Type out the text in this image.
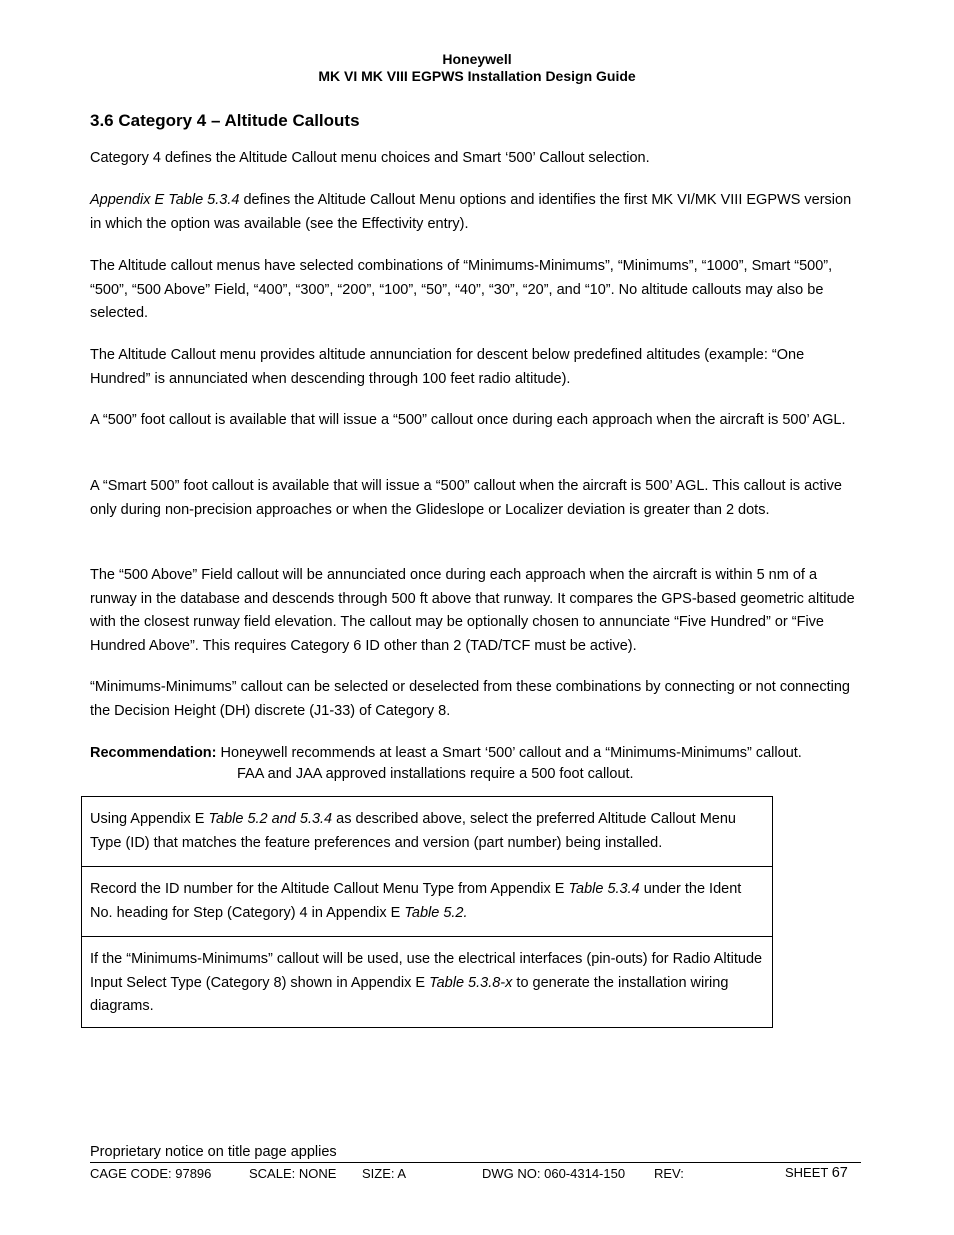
Honeywell
MK VI MK VIII EGPWS Installation Design Guide
3.6 Category 4 – Altitude Callouts

Category 4 defines the Altitude Callout menu choices and Smart ‘500’ Callout selection.

Appendix E Table 5.3.4 defines the Altitude Callout Menu options and identifies the first MK VI/MK VIII EGPWS version in which the option was available (see the Effectivity entry).

The Altitude callout menus have selected combinations of “Minimums-Minimums”, “Minimums”, “1000”, Smart “500”, “500”, “500 Above” Field, “400”, “300”, “200”, “100”, “50”, “40”, “30”, “20”, and “10”. No altitude callouts may also be selected.

The Altitude Callout menu provides altitude annunciation for descent below predefined altitudes (example: “One Hundred” is annunciated when descending through 100 feet radio altitude).

A “500” foot callout is available that will issue a “500” callout once during each approach when the aircraft is 500’ AGL.

A “Smart 500” foot callout is available that will issue a “500” callout when the aircraft is 500’ AGL. This callout is active only during non-precision approaches or when the Glideslope or Localizer deviation is greater than 2 dots.

The “500 Above” Field callout will be annunciated once during each approach when the aircraft is within 5 nm of a runway in the database and descends through 500 ft above that runway. It compares the GPS-based geometric altitude with the closest runway field elevation. The callout may be optionally chosen to annunciate “Five Hundred” or “Five Hundred Above”. This requires Category 6 ID other than 2 (TAD/TCF must be active).

“Minimums-Minimums” callout can be selected or deselected from these combinations by connecting or not connecting the Decision Height (DH) discrete (J1-33) of Category 8.

Recommendation: Honeywell recommends at least a Smart ‘500’ callout and a “Minimums-Minimums” callout.
FAA and JAA approved installations require a 500 foot callout.
Using Appendix E Table 5.2 and 5.3.4 as described above, select the preferred Altitude Callout Menu Type (ID) that matches the feature preferences and version (part number) being installed.
Record the ID number for the Altitude Callout Menu Type from Appendix E Table 5.3.4 under the Ident No. heading for Step (Category) 4 in Appendix E Table 5.2.
If the “Minimums-Minimums” callout will be used, use the electrical interfaces (pin-outs) for Radio Altitude Input Select Type (Category 8) shown in Appendix E Table 5.3.8-x to generate the installation wiring diagrams.
Proprietary notice on title page applies
CAGE CODE: 97896	SCALE: NONE SIZE: A	DWG NO: 060-4314-150 REV:	SHEET 67
